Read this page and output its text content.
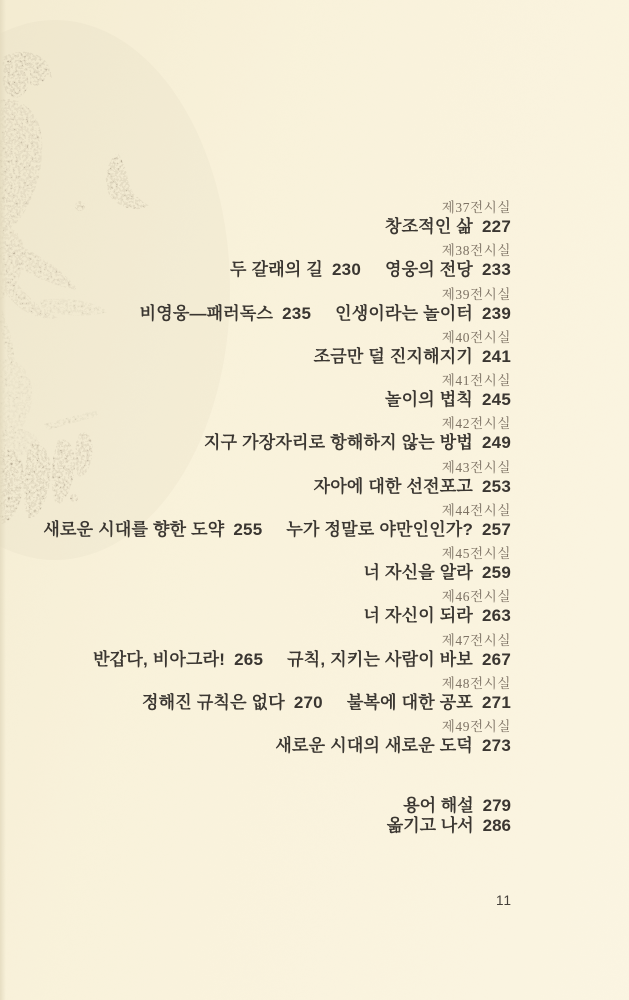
제37전시실
창조적인 삶 227
제38전시실
두 갈래의 길 230 영웅의 전당 233
제39전시실
비영웅—패러독스 235 인생이라는 놀이터 239
제40전시실
조금만 덜 진지해지기 241
제41전시실
놀이의 법칙 245
제42전시실
지구 가장자리로 항해하지 않는 방법 249
제43전시실
자아에 대한 선전포고 253
제44전시실
새로운 시대를 향한 도약 255 누가 정말로 야만인인가? 257
제45전시실
너 자신을 알라 259
제46전시실
너 자신이 되라 263
제47전시실
반갑다, 비아그라! 265 규칙, 지키는 사람이 바보 267
제48전시실
정해진 규칙은 없다 270 불복에 대한 공포 271
제49전시실
새로운 시대의 새로운 도덕 273
용어 해설 279
옮기고 나서 286
11
